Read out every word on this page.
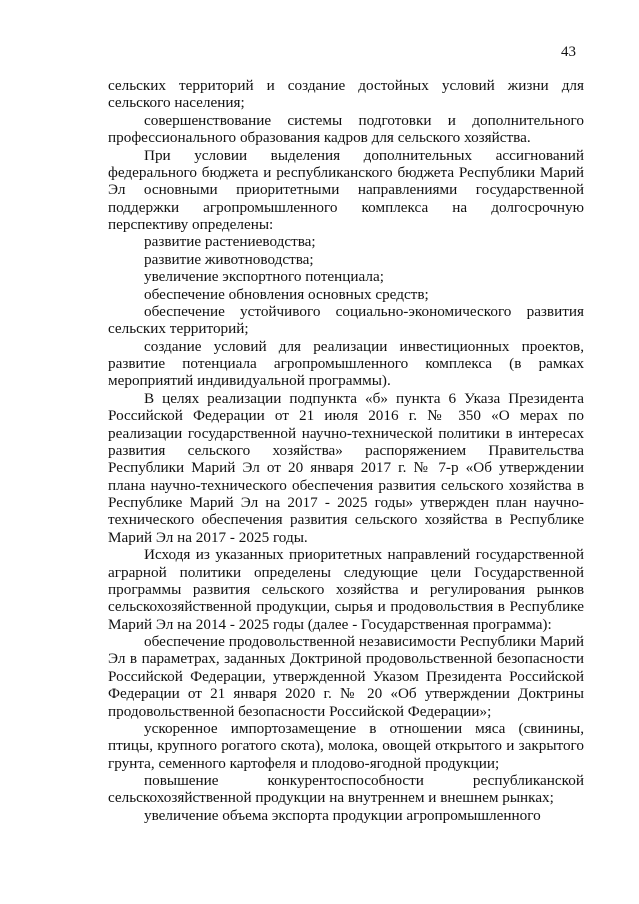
43

сельских территорий и создание достойных условий жизни для сельского населения;

совершенствование системы подготовки и дополнительного профессионального образования кадров для сельского хозяйства.

При условии выделения дополнительных ассигнований федерального бюджета и республиканского бюджета Республики Марий Эл основными приоритетными направлениями государственной поддержки агропромышленного комплекса на долгосрочную перспективу определены:

развитие растениеводства;

развитие животноводства;

увеличение экспортного потенциала;

обеспечение обновления основных средств;

обеспечение устойчивого социально-экономического развития сельских территорий;

создание условий для реализации инвестиционных проектов, развитие потенциала агропромышленного комплекса (в рамках мероприятий индивидуальной программы).

В целях реализации подпункта «б» пункта 6 Указа Президента Российской Федерации от 21 июля 2016 г. № 350 «О мерах по реализации государственной научно-технической политики в интересах развития сельского хозяйства» распоряжением Правительства Республики Марий Эл от 20 января 2017 г. № 7-р «Об утверждении плана научно-технического обеспечения развития сельского хозяйства в Республике Марий Эл на 2017 - 2025 годы» утвержден план научно-технического обеспечения развития сельского хозяйства в Республике Марий Эл на 2017 - 2025 годы.

Исходя из указанных приоритетных направлений государственной аграрной политики определены следующие цели Государственной программы развития сельского хозяйства и регулирования рынков сельскохозяйственной продукции, сырья и продовольствия в Республике Марий Эл на 2014 - 2025 годы (далее - Государственная программа):

обеспечение продовольственной независимости Республики Марий Эл в параметрах, заданных Доктриной продовольственной безопасности Российской Федерации, утвержденной Указом Президента Российской Федерации от 21 января 2020 г. № 20 «Об утверждении Доктрины продовольственной безопасности Российской Федерации»;

ускоренное импортозамещение в отношении мяса (свинины, птицы, крупного рогатого скота), молока, овощей открытого и закрытого грунта, семенного картофеля и плодово-ягодной продукции;

повышение конкурентоспособности республиканской сельскохозяйственной продукции на внутреннем и внешнем рынках;

увеличение объема экспорта продукции агропромышленного
